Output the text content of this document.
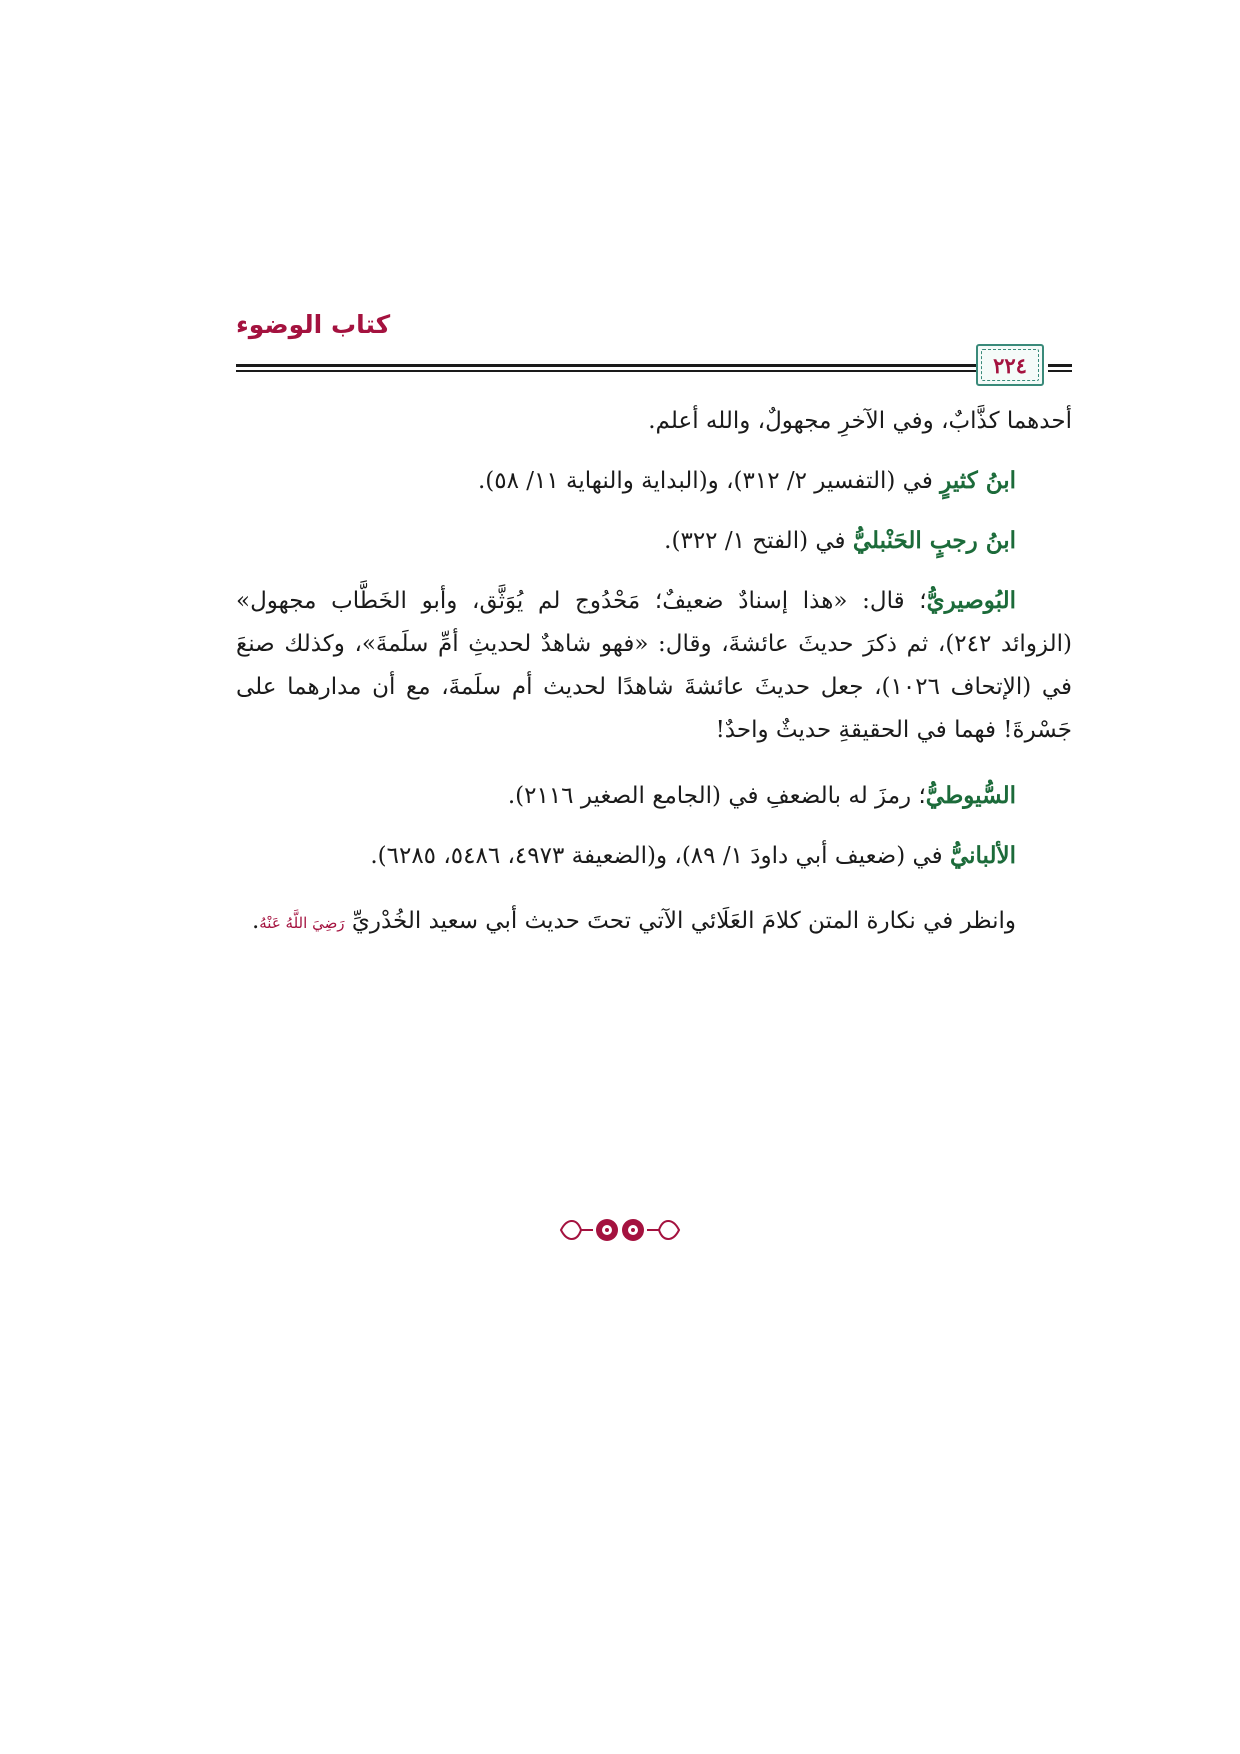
كتاب الوضوء
٢٢٤

أحدهما كذَّابٌ، وفي الآخرِ مجهولٌ، والله أعلم.

ابنُ كثيرٍ في (التفسير ٢/ ٣١٢)، و(البداية والنهاية ١١/ ٥٨).

ابنُ رجبٍ الحَنْبليُّ في (الفتح ١/ ٣٢٢).

البُوصيريُّ؛ قال: «هذا إسنادٌ ضعيفٌ؛ مَحْدُوج لم يُوَثَّق، وأبو الخَطَّاب مجهول» (الزوائد ٢٤٢)، ثم ذكرَ حديثَ عائشةَ، وقال: «فهو شاهدٌ لحديثِ أمِّ سلَمةَ»، وكذلك صنعَ في (الإتحاف ١٠٢٦)، جعل حديثَ عائشةَ شاهدًا لحديث أم سلَمةَ، مع أن مدارهما على جَسْرةَ! فهما في الحقيقةِ حديثٌ واحدٌ!

السُّيوطيُّ؛ رمزَ له بالضعفِ في (الجامع الصغير ٢١١٦).

الألبانيُّ في (ضعيف أبي داودَ ١/ ٨٩)، و(الضعيفة ٤٩٧٣، ٥٤٨٦، ٦٢٨٥).

وانظر في نكارة المتن كلامَ العَلَائي الآتي تحتَ حديث أبي سعيد الخُدْريِّ رَضِيَ اللَّهُ عَنْهُ.
